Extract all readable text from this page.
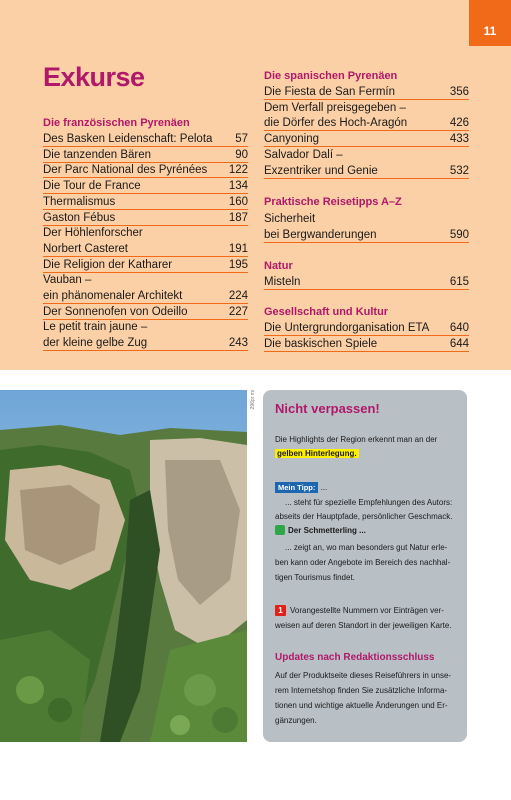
11
Exkurse
Die französischen Pyrenäen
Des Basken Leidenschaft: Pelota 57
Die tanzenden Bären	90
Der Parc National des Pyrénées 122
Die Tour de France	134
Thermalismus	160
Gaston Fébus	187
Der Höhlenforscher
Norbert Casteret	191
Die Religion der Katharer	195
Vauban –
ein phänomenaler Architekt	224
Der Sonnenofen von Odeillo	227
Le petit train jaune –
der kleine gelbe Zug	243
Die spanischen Pyrenäen
Die Fiesta de San Fermín	356
Dem Verfall preisgegeben –
die Dörfer des Hoch-Aragón	426
Canyoning	433
Salvador Dalí –
Exzentriker und Genie	532
Praktische Reisetipps A–Z
Sicherheit
bei Bergwanderungen	590
Natur
Misteln	615
Gesellschaft und Kultur
Die Untergrundorganisation ETA 640
Die baskischen Spiele	644
296pr mi Nicht verpassen!
Die Highlights der Region erkennt man an der
gelben Hinterlegung.
Mein Tipp: ...
... steht für spezielle Empfehlungen des Autors:
abseits der Hauptpfade, persönlicher Geschmack.
Der Schmetterling ...
... zeigt an, wo man besonders gut Natur erle-
ben kann oder Angebote im Bereich des nachhal-
tigen Tourismus findet.
1 Vorangestellte Nummern vor Einträgen ver-
weisen auf deren Standort in der jeweiligen Karte.
Updates nach Redaktionsschluss
Auf der Produktseite dieses Reiseführers in unse-
rem Internetshop finden Sie zusätzliche Informa-
tionen und wichtige aktuelle Änderungen und Er-
gänzungen.
